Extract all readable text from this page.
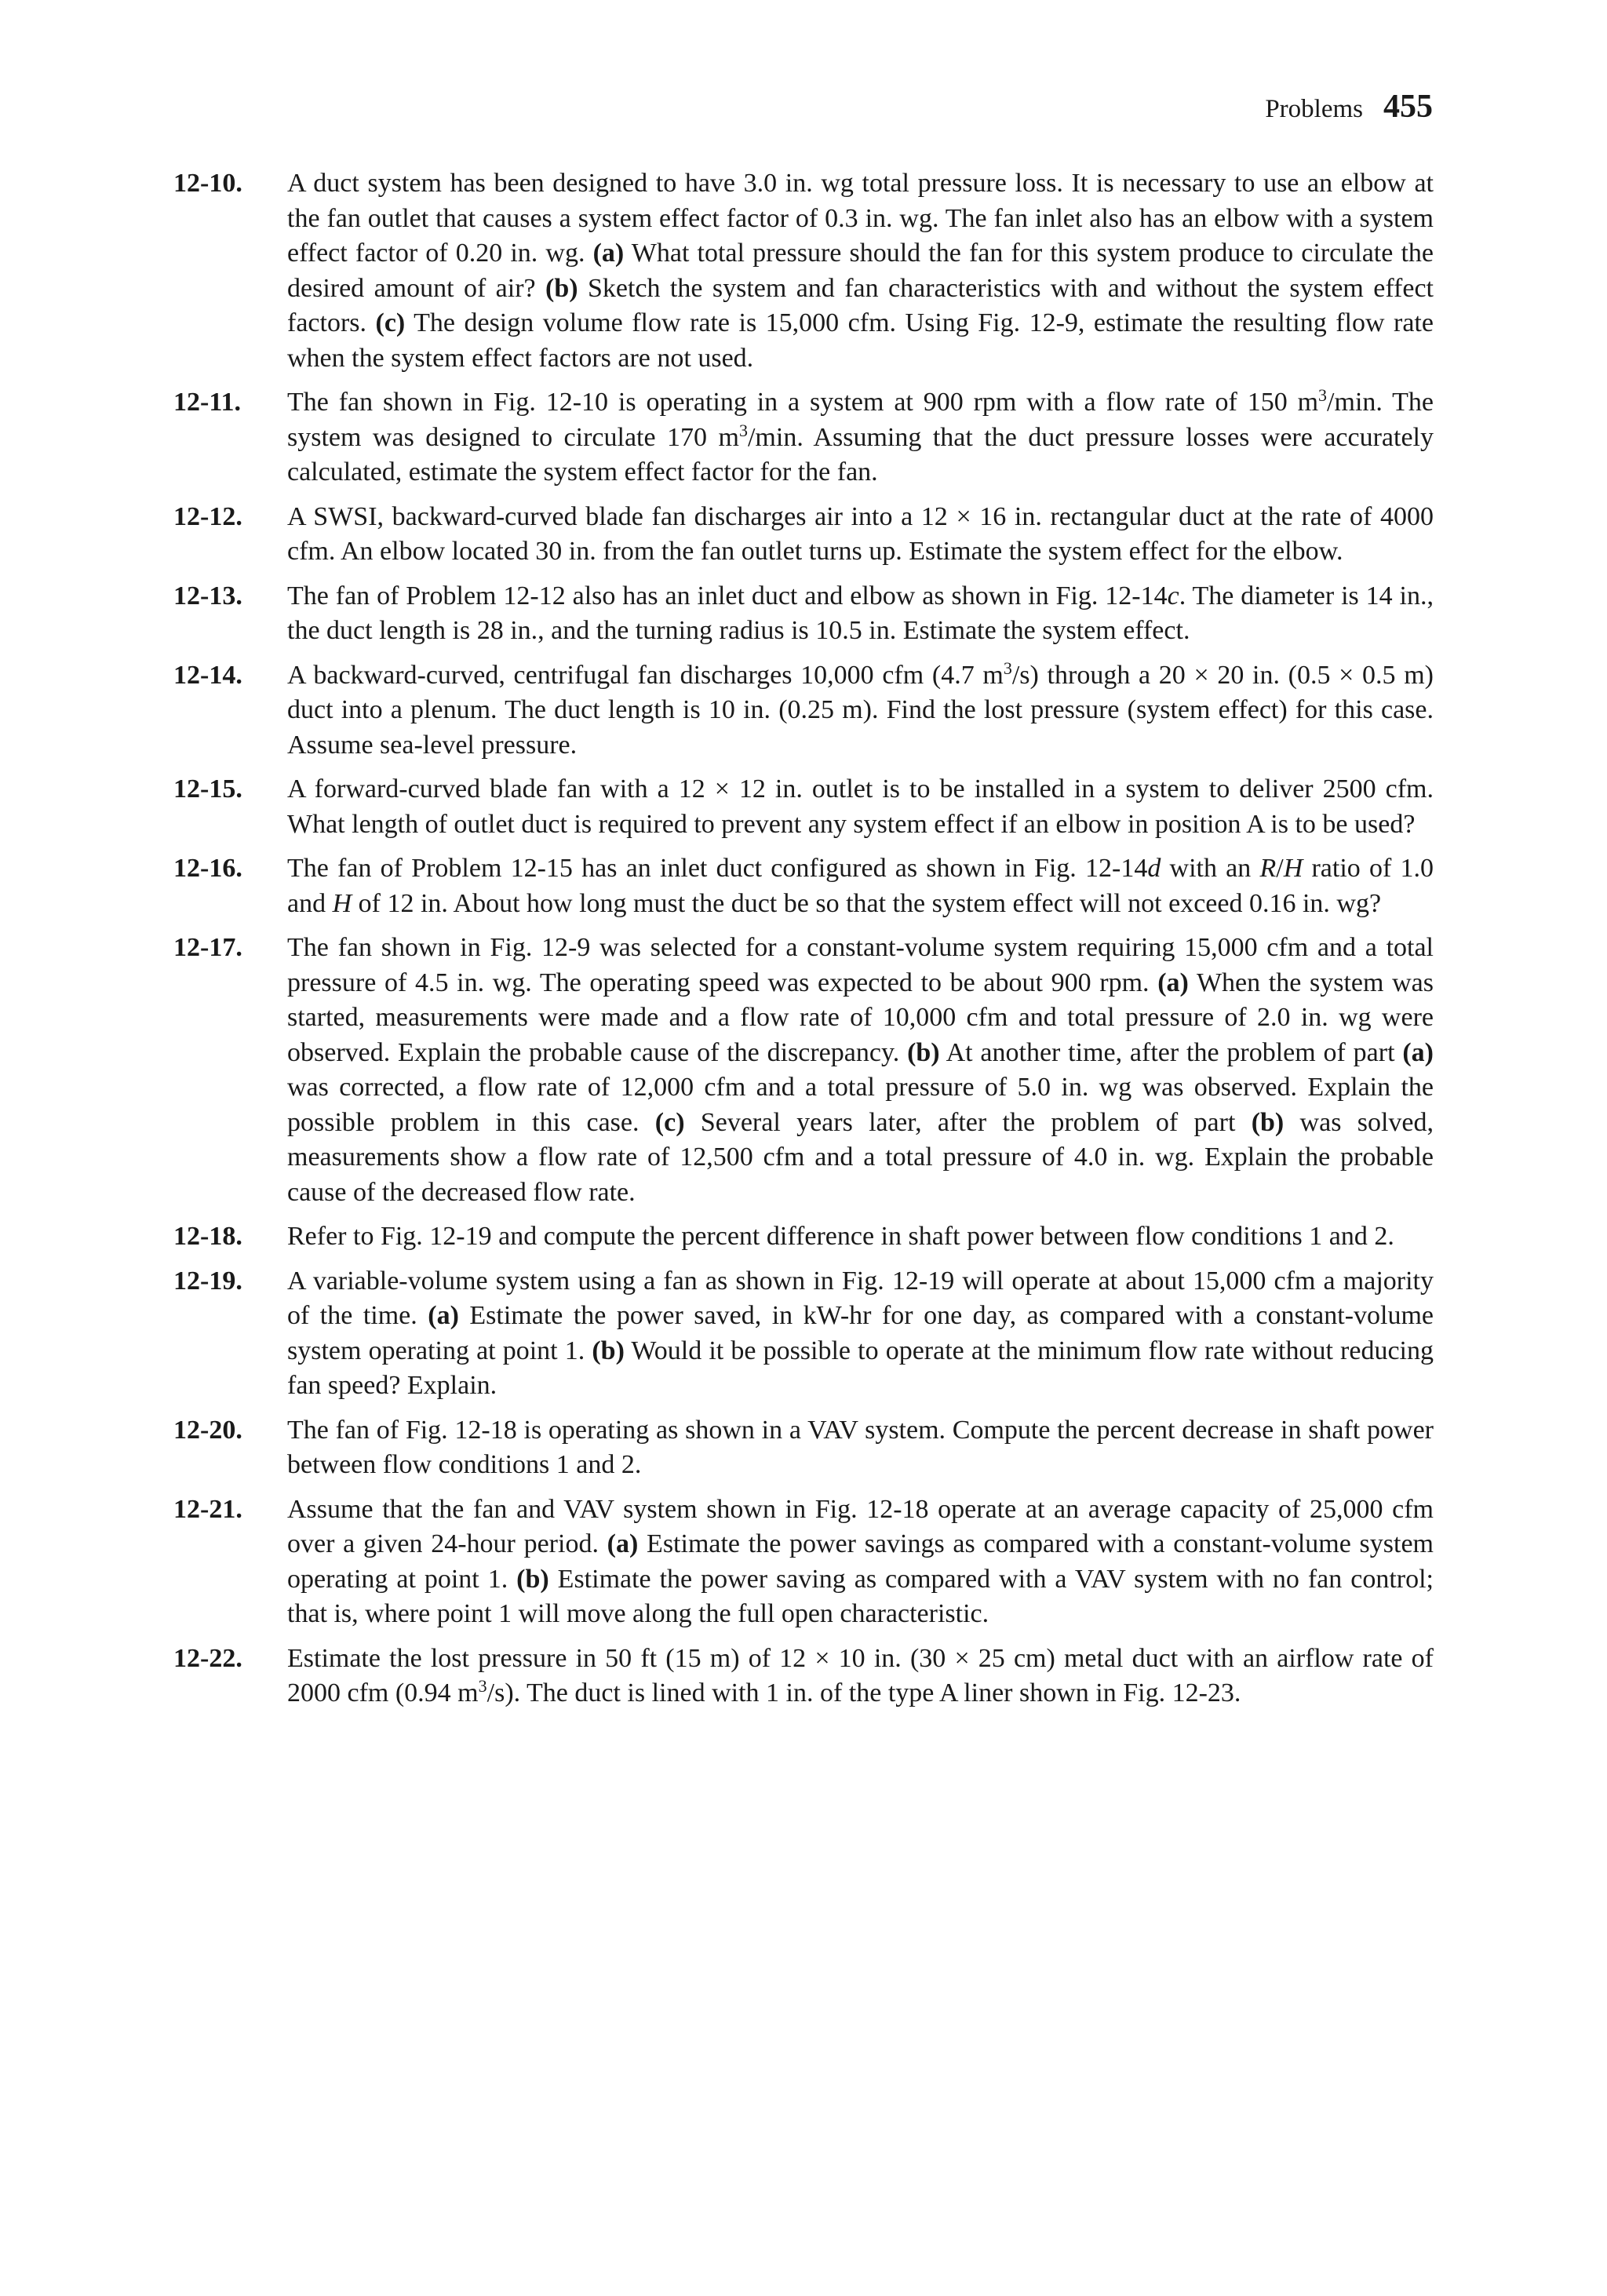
Problems 455
12-10.	A duct system has been designed to have 3.0 in. wg total pressure loss. It is necessary to use an elbow at the fan outlet that causes a system effect factor of 0.3 in. wg. The fan inlet also has an elbow with a system effect factor of 0.20 in. wg. (a) What total pressure should the fan for this system produce to circulate the desired amount of air? (b) Sketch the system and fan characteristics with and without the system effect factors. (c) The design volume flow rate is 15,000 cfm. Using Fig. 12-9, estimate the resulting flow rate when the system effect factors are not used.
12-11.	The fan shown in Fig. 12-10 is operating in a system at 900 rpm with a flow rate of 150 $m^3/\min$. The system was designed to circulate 170 $m^3/\min$. Assuming that the duct pressure losses were accurately calculated, estimate the system effect factor for the fan.
12-12.	A SWSI, backward-curved blade fan discharges air into a 12 × 16 in. rectangular duct at the rate of 4000 cfm. An elbow located 30 in. from the fan outlet turns up. Estimate the system effect for the elbow.
12-13.	The fan of Problem 12-12 also has an inlet duct and elbow as shown in Fig. 12-14c. The diameter is 14 in., the duct length is 28 in., and the turning radius is 10.5 in. Estimate the system effect.
12-14.	A backward-curved, centrifugal fan discharges 10,000 cfm (4.7 $m^3/s$) through a 20 × 20 in. (0.5 × 0.5 m) duct into a plenum. The duct length is 10 in. (0.25 m). Find the lost pressure (system effect) for this case. Assume sea-level pressure.
12-15.	A forward-curved blade fan with a 12 × 12 in. outlet is to be installed in a system to deliver 2500 cfm. What length of outlet duct is required to prevent any system effect if an elbow in position A is to be used?
12-16.	The fan of Problem 12-15 has an inlet duct configured as shown in Fig. 12-14d with an R/H ratio of 1.0 and H of 12 in. About how long must the duct be so that the system effect will not exceed 0.16 in. wg?
12-17.	The fan shown in Fig. 12-9 was selected for a constant-volume system requiring 15,000 cfm and a total pressure of 4.5 in. wg. The operating speed was expected to be about 900 rpm. (a) When the system was started, measurements were made and a flow rate of 10,000 cfm and total pressure of 2.0 in. wg were observed. Explain the probable cause of the discrepancy. (b) At another time, after the problem of part (a) was corrected, a flow rate of 12,000 cfm and a total pressure of 5.0 in. wg was observed. Explain the possible problem in this case. (c) Several years later, after the problem of part (b) was solved, measurements show a flow rate of 12,500 cfm and a total pressure of 4.0 in. wg. Explain the probable cause of the decreased flow rate.
12-18.	Refer to Fig. 12-19 and compute the percent difference in shaft power between flow conditions 1 and 2.
12-19.	A variable-volume system using a fan as shown in Fig. 12-19 will operate at about 15,000 cfm a majority of the time. (a) Estimate the power saved, in kW-hr for one day, as compared with a constant-volume system operating at point 1. (b) Would it be possible to operate at the minimum flow rate without reducing fan speed? Explain.
12-20.	The fan of Fig. 12-18 is operating as shown in a VAV system. Compute the percent decrease in shaft power between flow conditions 1 and 2.
12-21.	Assume that the fan and VAV system shown in Fig. 12-18 operate at an average capacity of 25,000 cfm over a given 24-hour period. (a) Estimate the power savings as compared with a constant-volume system operating at point 1. (b) Estimate the power saving as compared with a VAV system with no fan control; that is, where point 1 will move along the full open characteristic.
12-22.	Estimate the lost pressure in 50 ft (15 m) of 12 × 10 in. (30 × 25 cm) metal duct with an airflow rate of 2000 cfm (0.94 $m^3/s$). The duct is lined with 1 in. of the type A liner shown in Fig. 12-23.
